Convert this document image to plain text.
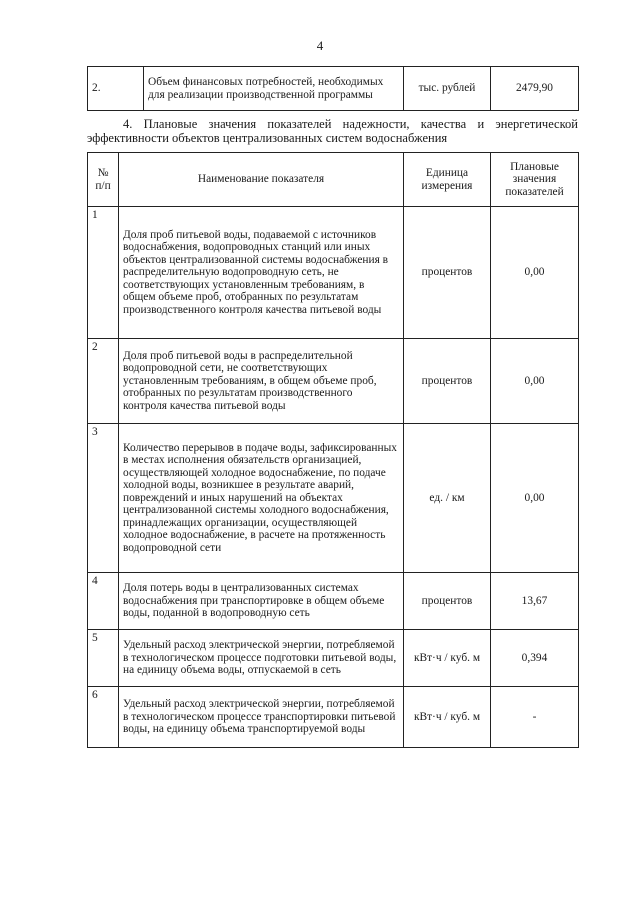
4
2.	Объем финансовых потребностей, необходимых для реализации производственной программы	тыс. рублей	2479,90
4. Плановые значения показателей надежности, качества и энергетической
эффективности объектов централизованных систем водоснабжения
№ п/п	Наименование показателя	Единица измерения	Плановые значения показателей
1	Доля проб питьевой воды, подаваемой с источников водоснабжения, водопроводных станций или иных объектов централизованной системы водоснабжения в распределительную водопроводную сеть, не соответствующих установленным требованиям, в общем объеме проб, отобранных по результатам производственного контроля качества питьевой воды	процентов	0,00
2	Доля проб питьевой воды в распределительной водопроводной сети, не соответствующих установленным требованиям, в общем объеме проб, отобранных по результатам производственного контроля качества питьевой воды	процентов	0,00
3	Количество перерывов в подаче воды, зафиксированных в местах исполнения обязательств организацией, осуществляющей холодное водоснабжение, по подаче холодной воды, возникшее в результате аварий, повреждений и иных нарушений на объектах централизованной системы холодного водоснабжения, принадлежащих организации, осуществляющей холодное водоснабжение, в расчете на протяженность водопроводной сети	ед. / км	0,00
4	Доля потерь воды в централизованных системах водоснабжения при транспортировке в общем объеме воды, поданной в водопроводную сеть	процентов	13,67
5	Удельный расход электрической энергии, потребляемой в технологическом процессе подготовки питьевой воды, на единицу объема воды, отпускаемой в сеть	кВт·ч / куб. м	0,394
6	Удельный расход электрической энергии, потребляемой в технологическом процессе транспортировки питьевой воды, на единицу объема транспортируемой воды	кВт·ч / куб. м	-
